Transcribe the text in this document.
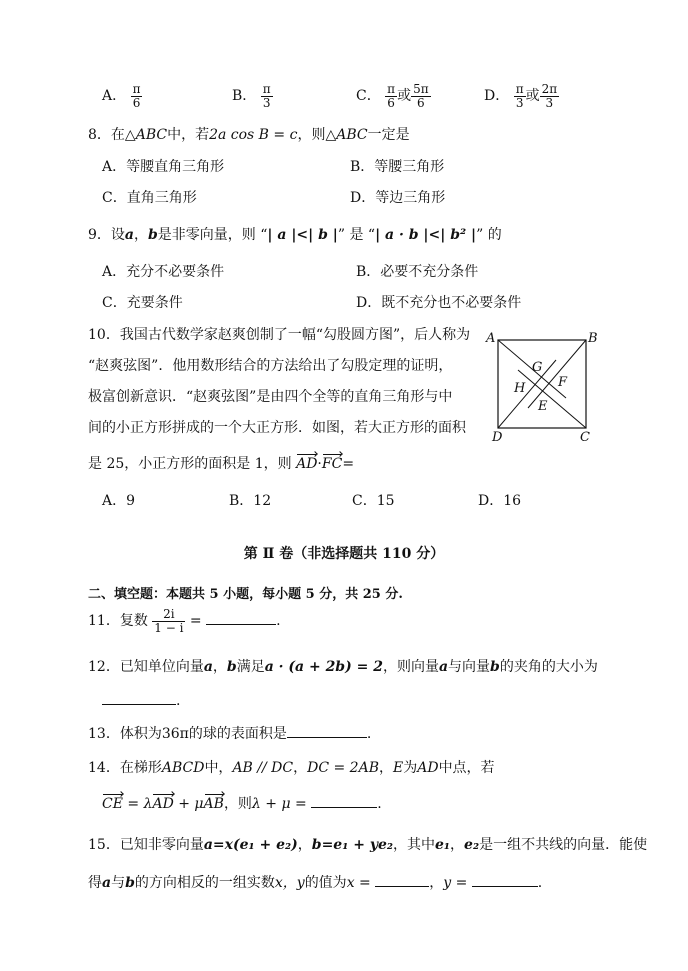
A． $\frac{\pi}{6}$	B． $\frac{\pi}{3}$	C． $\frac{\pi}{6}$ 或 $\frac{5\pi}{6}$	D． $\frac{\pi}{3}$ 或 $\frac{2\pi}{3}$
8．在△ABC中，若2a cos B = c，则△ABC一定是
A．等腰直角三角形	B．等腰三角形
C．直角三角形	D．等边三角形
9．设a，b是非零向量，则 “| a |<| b |” 是 “| a · b |<| b² |” 的
A．充分不必要条件	B．必要不充分条件
C．充要条件	D．既不充分也不必要条件
10．我国古代数学家赵爽创制了一幅“勾股圆方图”，后人称为
“赵爽弦图”．他用数形结合的方法给出了勾股定理的证明，
极富创新意识．“赵爽弦图”是由四个全等的直角三角形与中
间的小正方形拼成的一个大正方形．如图，若大正方形的面积
是 25，小正方形的面积是 1，则 AD·FC=
A．9	B．12	C．15	D．16
A	B
C
D
E
F
G
H
第 Ⅱ 卷（非选择题共 110 分）
二、填空题：本题共 5 小题，每小题 5 分，共 25 分.
11．复数 $\frac{2i}{1 - i}$ =	.
12．已知单位向量a，b满足a · (a + 2b) = 2，则向量a与向量b的夹角的大小为
.
13．体积为36π的球的表面积是	.
14．在梯形ABCD中，AB // DC，DC = 2AB，E为AD中点，若
CE = λAD + μAB，则λ + μ =	.
15．已知非零向量a=x(e₁ + e₂)，b=e₁ + ye₂，其中e₁，e₂是一组不共线的向量．能使
得a与b的方向相反的一组实数x，y的值为x =	，y =	.
